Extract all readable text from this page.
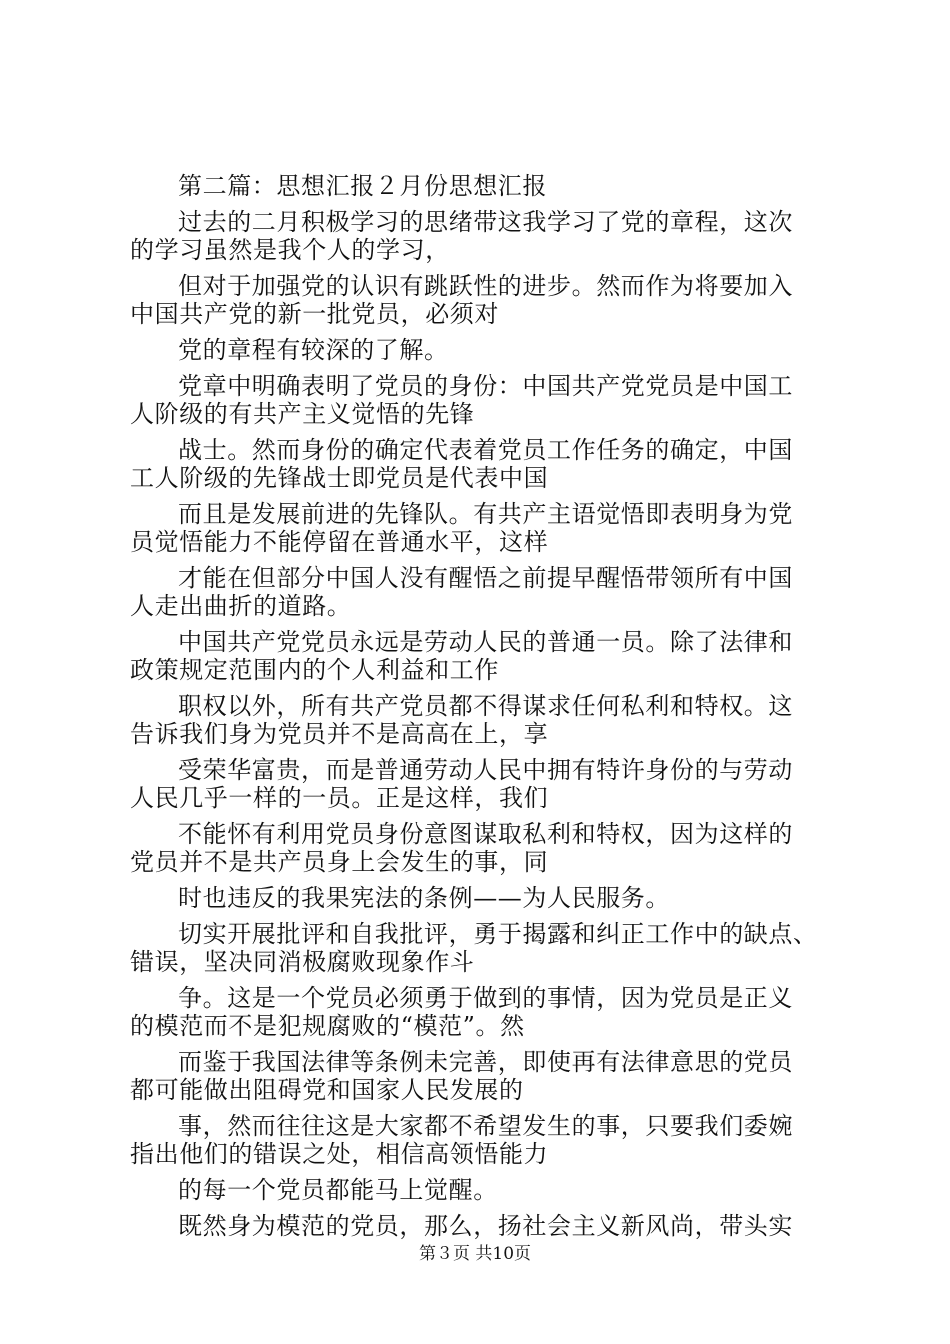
第二篇：思想汇报２月份思想汇报

过去的二月积极学习的思绪带这我学习了党的章程，这次

的学习虽然是我个人的学习，

但对于加强党的认识有跳跃性的进步。然而作为将要加入

中国共产党的新一批党员，必须对

党的章程有较深的了解。

党章中明确表明了党员的身份：中国共产党党员是中国工

人阶级的有共产主义觉悟的先锋

战士。然而身份的确定代表着党员工作任务的确定，中国

工人阶级的先锋战士即党员是代表中国

而且是发展前进的先锋队。有共产主语觉悟即表明身为党

员觉悟能力不能停留在普通水平，这样

才能在但部分中国人没有醒悟之前提早醒悟带领所有中国

人走出曲折的道路。

中国共产党党员永远是劳动人民的普通一员。除了法律和

政策规定范围内的个人利益和工作

职权以外，所有共产党员都不得谋求任何私利和特权。这

告诉我们身为党员并不是高高在上，享

受荣华富贵，而是普通劳动人民中拥有特许身份的与劳动

人民几乎一样的一员。正是这样，我们

不能怀有利用党员身份意图谋取私利和特权，因为这样的

党员并不是共产员身上会发生的事，同

时也违反的我果宪法的条例——为人民服务。

切实开展批评和自我批评，勇于揭露和纠正工作中的缺点、

错误，坚决同消极腐败现象作斗

争。这是一个党员必须勇于做到的事情，因为党员是正义

的模范而不是犯规腐败的“模范”。然

而鉴于我国法律等条例未完善，即使再有法律意思的党员

都可能做出阻碍党和国家人民发展的

事，然而往往这是大家都不希望发生的事，只要我们委婉

指出他们的错误之处，相信高领悟能力

的每一个党员都能马上觉醒。

既然身为模范的党员，那么，扬社会主义新风尚，带头实

第３页 共10页
